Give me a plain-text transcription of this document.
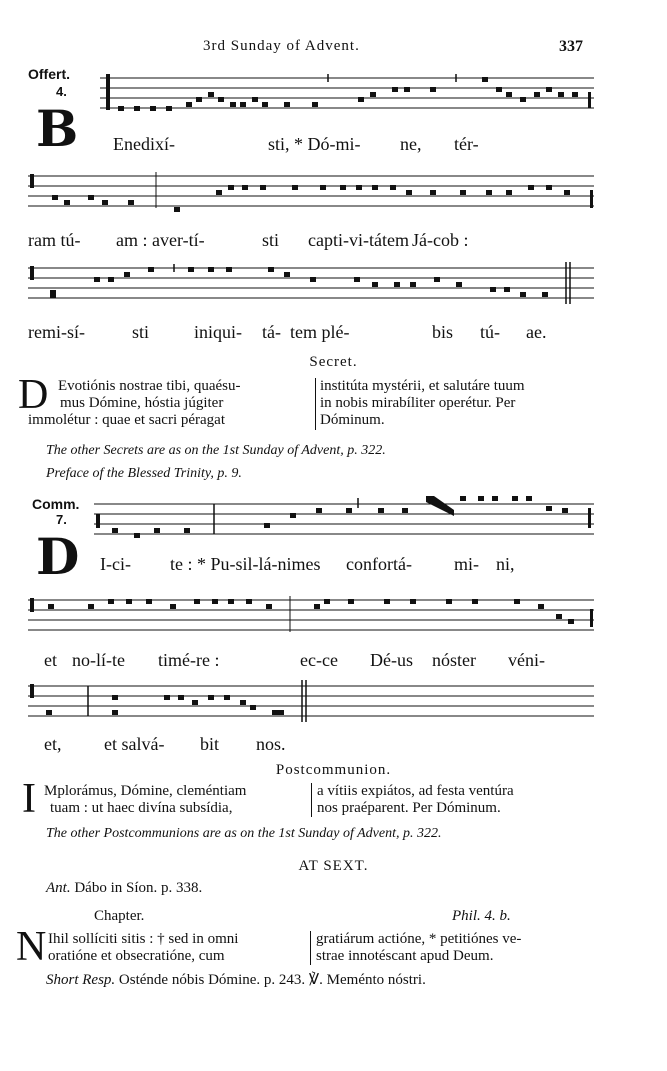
3rd Sunday of Advent.	337
Offert.
4.
B Enedixí-	sti, * Dó-mi- ne, tér-
ram tú- am : aver-tí-	sti capti-vi-tátem Já-cob :
remi-sí-	sti iniqui- tá- tem plé-	bis tú- ae.
Secret.
D Evotiónis nostrae tibi, quaésu-
mus Dómine, hóstia júgiter
immolétur : quae et sacri péragat
institúta mystérii, et salutáre tuum
in nobis mirabíliter operétur. Per
Dóminum.
The other Secrets are as on the 1st Sunday of Advent, p. 322.
Preface of the Blessed Trinity, p. 9.
Comm.
7.
D I-ci- te : * Pu-sil-lá-nimes confortá- mi- ni,
et no-lí-te timé-re :	ec-ce Dé-us nóster véni-
et, et salvá- bit nos.
Postcommunion.
I Mplorámus, Dómine, cleméntiam
tuam : ut haec divína subsídia,
a vítiis expiátos, ad festa ventúra
nos praéparent. Per Dóminum.
The other Postcommunions are as on the 1st Sunday of Advent, p. 322.
AT SEXT.
Ant. Dábo in Síon. p. 338.
Chapter.	Phil. 4. b.
N Ihil sollíciti sitis : † sed in omni
oratióne et obsecratióne, cum
gratiárum actióne, * petitiónes ve-
strae innotéscant apud Deum.
Short Resp. Osténde nóbis Dómine. p. 243. ℣. Meménto nóstri.
